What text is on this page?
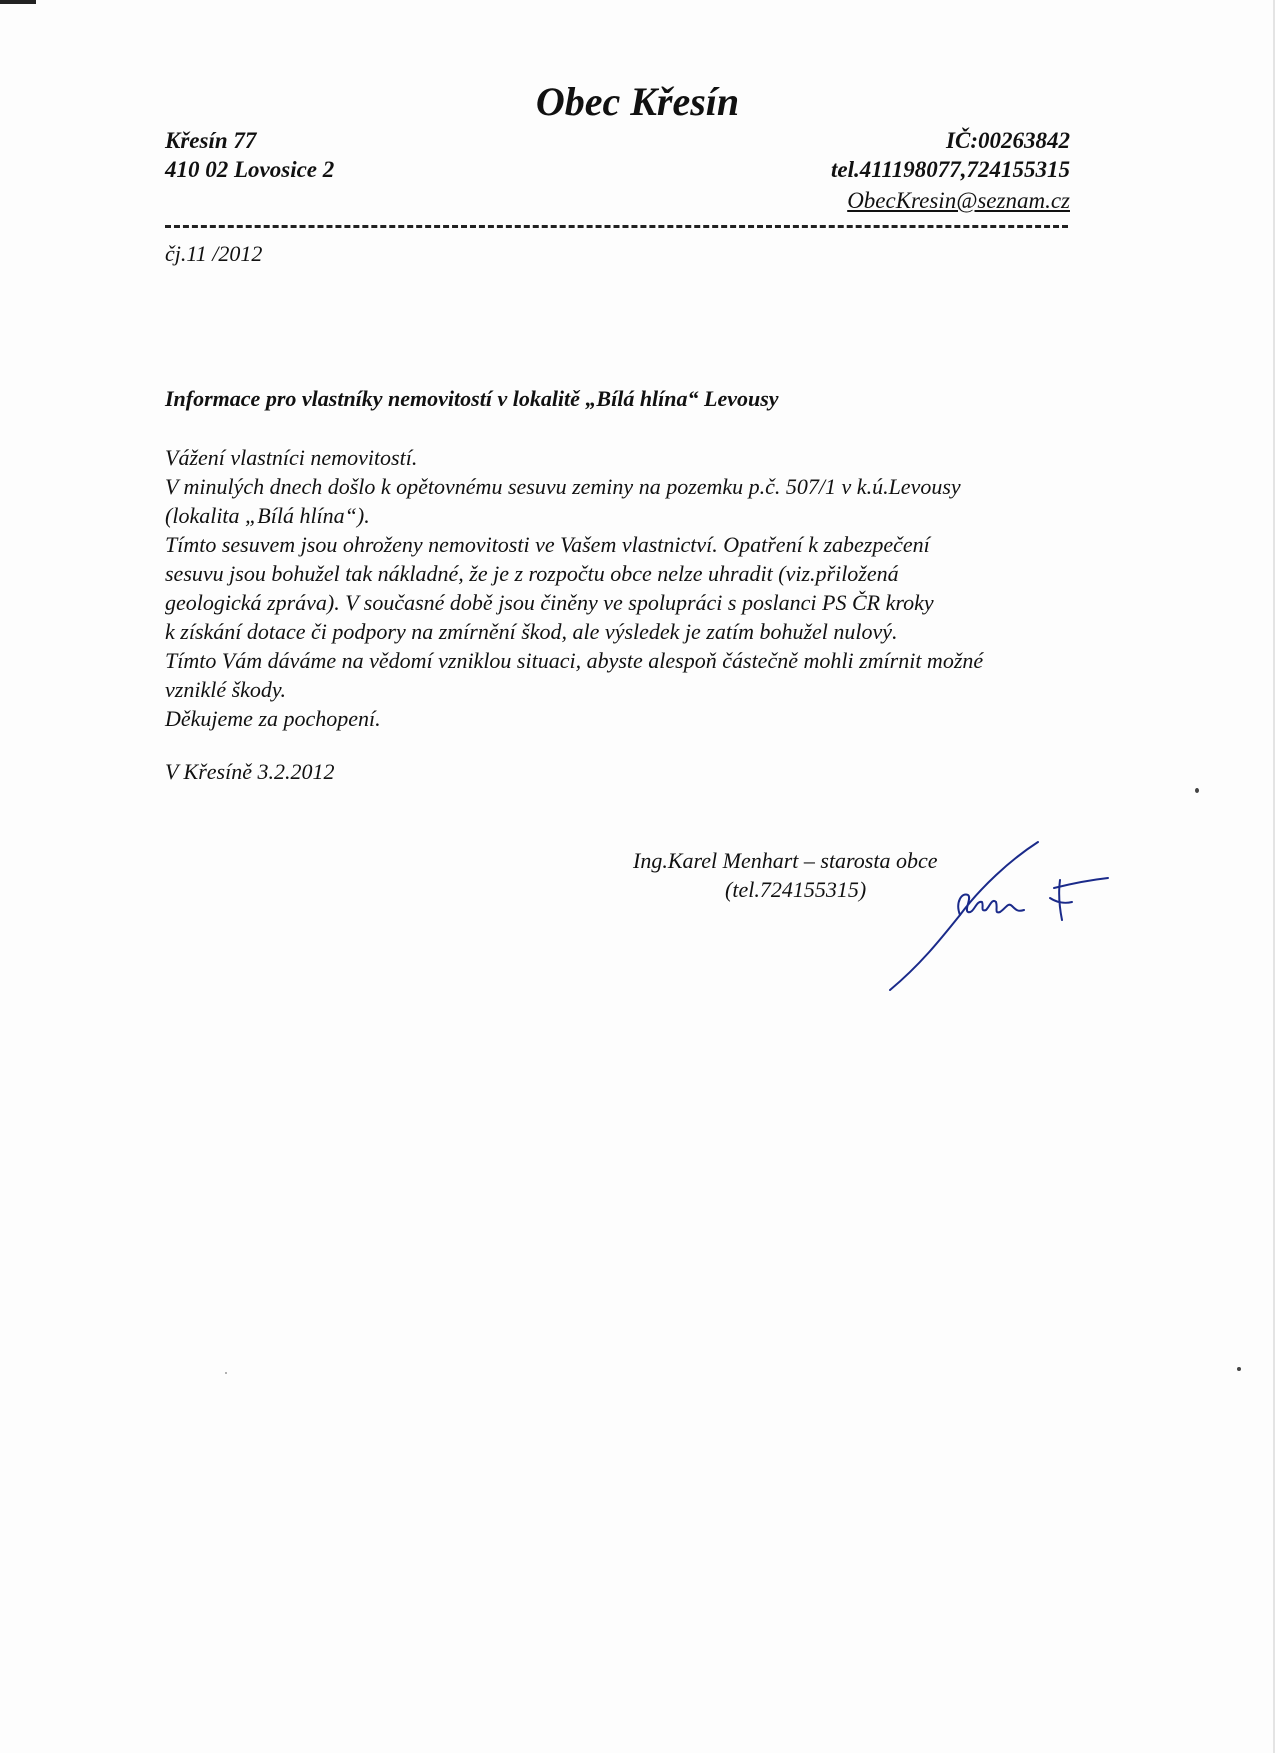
Obec Křesín
Křesín 77
410 02 Lovosice 2
IČ:00263842
tel.411198077,724155315
ObecKresin@seznam.cz
čj.11 /2012
Informace pro vlastníky nemovitostí v lokalitě „Bílá hlína“ Levousy
Vážení vlastníci nemovitostí.
V minulých dnech došlo k opětovnému sesuvu zeminy na pozemku p.č. 507/1 v k.ú.Levousy
(lokalita „Bílá hlína“).
Tímto sesuvem jsou ohroženy nemovitosti ve Vašem vlastnictví. Opatření k zabezpečení
sesuvu jsou bohužel tak nákladné, že je z rozpočtu obce nelze uhradit (viz.přiložená
geologická zpráva). V současné době jsou činěny ve spolupráci s poslanci PS ČR kroky
k získání dotace či podpory na zmírnění škod, ale výsledek je zatím bohužel nulový.
Tímto Vám dáváme na vědomí vzniklou situaci, abyste alespoň částečně mohli zmírnit možné
vzniklé škody.
Děkujeme za pochopení.
V Křesíně 3.2.2012
Ing.Karel Menhart – starosta obce
(tel.724155315)
